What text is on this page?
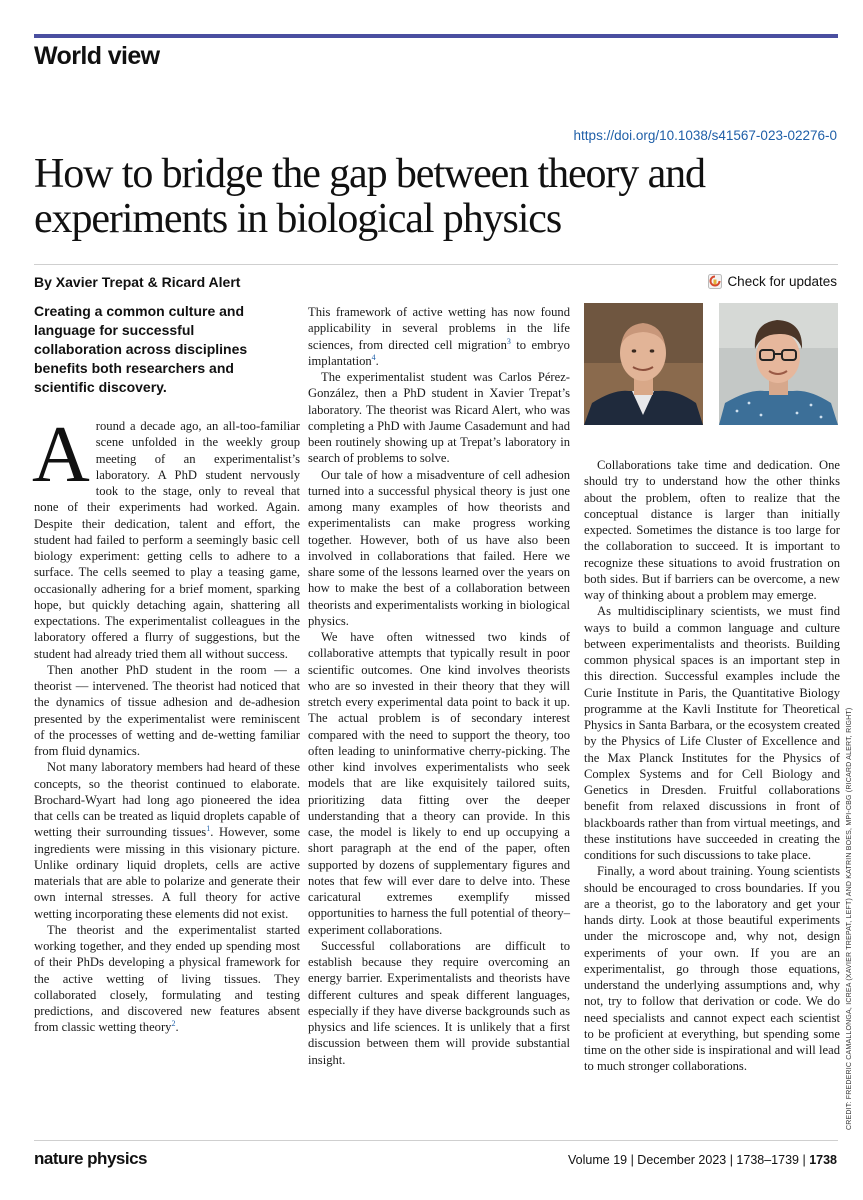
World view
https://doi.org/10.1038/s41567-023-02276-0
How to bridge the gap between theory and experiments in biological physics
By Xavier Trepat & Ricard Alert	Check for updates
Creating a common culture and language for successful collaboration across disciplines benefits both researchers and scientific discovery.

Around a decade ago, an all-too-familiar scene unfolded in the weekly group meeting of an experimentalist’s laboratory. A PhD student nervously took to the stage, only to reveal that none of their experiments had worked. Again. Despite their dedication, talent and effort, the student had failed to perform a seemingly basic cell biology experiment: getting cells to adhere to a surface. The cells seemed to play a teasing game, occasionally adhering for a brief moment, sparking hope, but quickly detaching again, shattering all expectations. The experimentalist colleagues in the laboratory offered a flurry of suggestions, but the student had already tried them all without success.

Then another PhD student in the room — a theorist — intervened. The theorist had noticed that the dynamics of tissue adhesion and de-adhesion presented by the experimentalist were reminiscent of the processes of wetting and de-wetting familiar from fluid dynamics.

Not many laboratory members had heard of these concepts, so the theorist continued to elaborate. Brochard-Wyart had long ago pioneered the idea that cells can be treated as liquid droplets capable of wetting their surrounding tissues$^1$. However, some ingredients were missing in this visionary picture. Unlike ordinary liquid droplets, cells are active materials that are able to polarize and generate their own internal stresses. A full theory for active wetting incorporating these elements did not exist.

The theorist and the experimentalist started working together, and they ended up spending most of their PhDs developing a physical framework for the active wetting of living tissues. They collaborated closely, formulating and testing predictions, and discovered new features absent from classic wetting theory$^2$.

This framework of active wetting has now found applicability in several problems in the life sciences, from directed cell migration$^3$ to embryo implantation$^4$.

The experimentalist student was Carlos Pérez-González, then a PhD student in Xavier Trepat’s laboratory. The theorist was Ricard Alert, who was completing a PhD with Jaume Casademunt and had been routinely showing up at Trepat’s laboratory in search of problems to solve.

Our tale of how a misadventure of cell adhesion turned into a successful physical theory is just one among many examples of how theorists and experimentalists can make progress working together. However, both of us have also been involved in collaborations that failed. Here we share some of the lessons learned over the years on how to make the best of a collaboration between theorists and experimentalists working in biological physics.

We have often witnessed two kinds of collaborative attempts that typically result in poor scientific outcomes. One kind involves theorists who are so invested in their theory that they will stretch every experimental data point to back it up. The actual problem is of secondary interest compared with the need to support the theory, too often leading to uninformative cherry-picking. The other kind involves experimentalists who seek models that are like exquisitely tailored suits, prioritizing data fitting over the deeper understanding that a theory can provide. In this case, the model is likely to end up occupying a short paragraph at the end of the paper, often supported by dozens of supplementary figures and notes that few will ever dare to delve into. These caricatural extremes exemplify missed opportunities to harness the full potential of theory–experiment collaborations.

Successful collaborations are difficult to establish because they require overcoming an energy barrier. Experimentalists and theorists have different cultures and speak different languages, especially if they have diverse backgrounds such as physics and life sciences. It is unlikely that a first discussion between them will provide substantial insight.

Collaborations take time and dedication. One should try to understand how the other thinks about the problem, often to realize that the conceptual distance is larger than initially expected. Sometimes the distance is too large for the collaboration to succeed. It is important to recognize these situations to avoid frustration on both sides. But if barriers can be overcome, a new way of thinking about a problem may emerge.

As multidisciplinary scientists, we must find ways to build a common language and culture between experimentalists and theorists. Building common physical spaces is an important step in this direction. Successful examples include the Curie Institute in Paris, the Quantitative Biology programme at the Kavli Institute for Theoretical Physics in Santa Barbara, or the ecosystem created by the Physics of Life Cluster of Excellence and the Max Planck Institutes for the Physics of Complex Systems and for Cell Biology and Genetics in Dresden. Fruitful collaborations benefit from relaxed discussions in front of blackboards rather than from virtual meetings, and these institutions have succeeded in creating the conditions for such discussions to take place.

Finally, a word about training. Young scientists should be encouraged to cross boundaries. If you are a theorist, go to the laboratory and get your hands dirty. Look at those beautiful experiments under the microscope and, why not, design experiments of your own. If you are an experimentalist, go through those equations, understand the underlying assumptions and, why not, try to follow that derivation or code. We do need specialists and cannot expect each scientist to be proficient at everything, but spending some time on the other side is inspirational and will lead to much stronger collaborations.	CREDIT: FREDERIC CAMALLONGA, ICREA (XAVIER TREPAT, LEFT) AND KATRIN BOES, MPI-CBG (RICARD ALERT, RIGHT)
nature physics	Volume 19 | December 2023 | 1738–1739 | 1738
